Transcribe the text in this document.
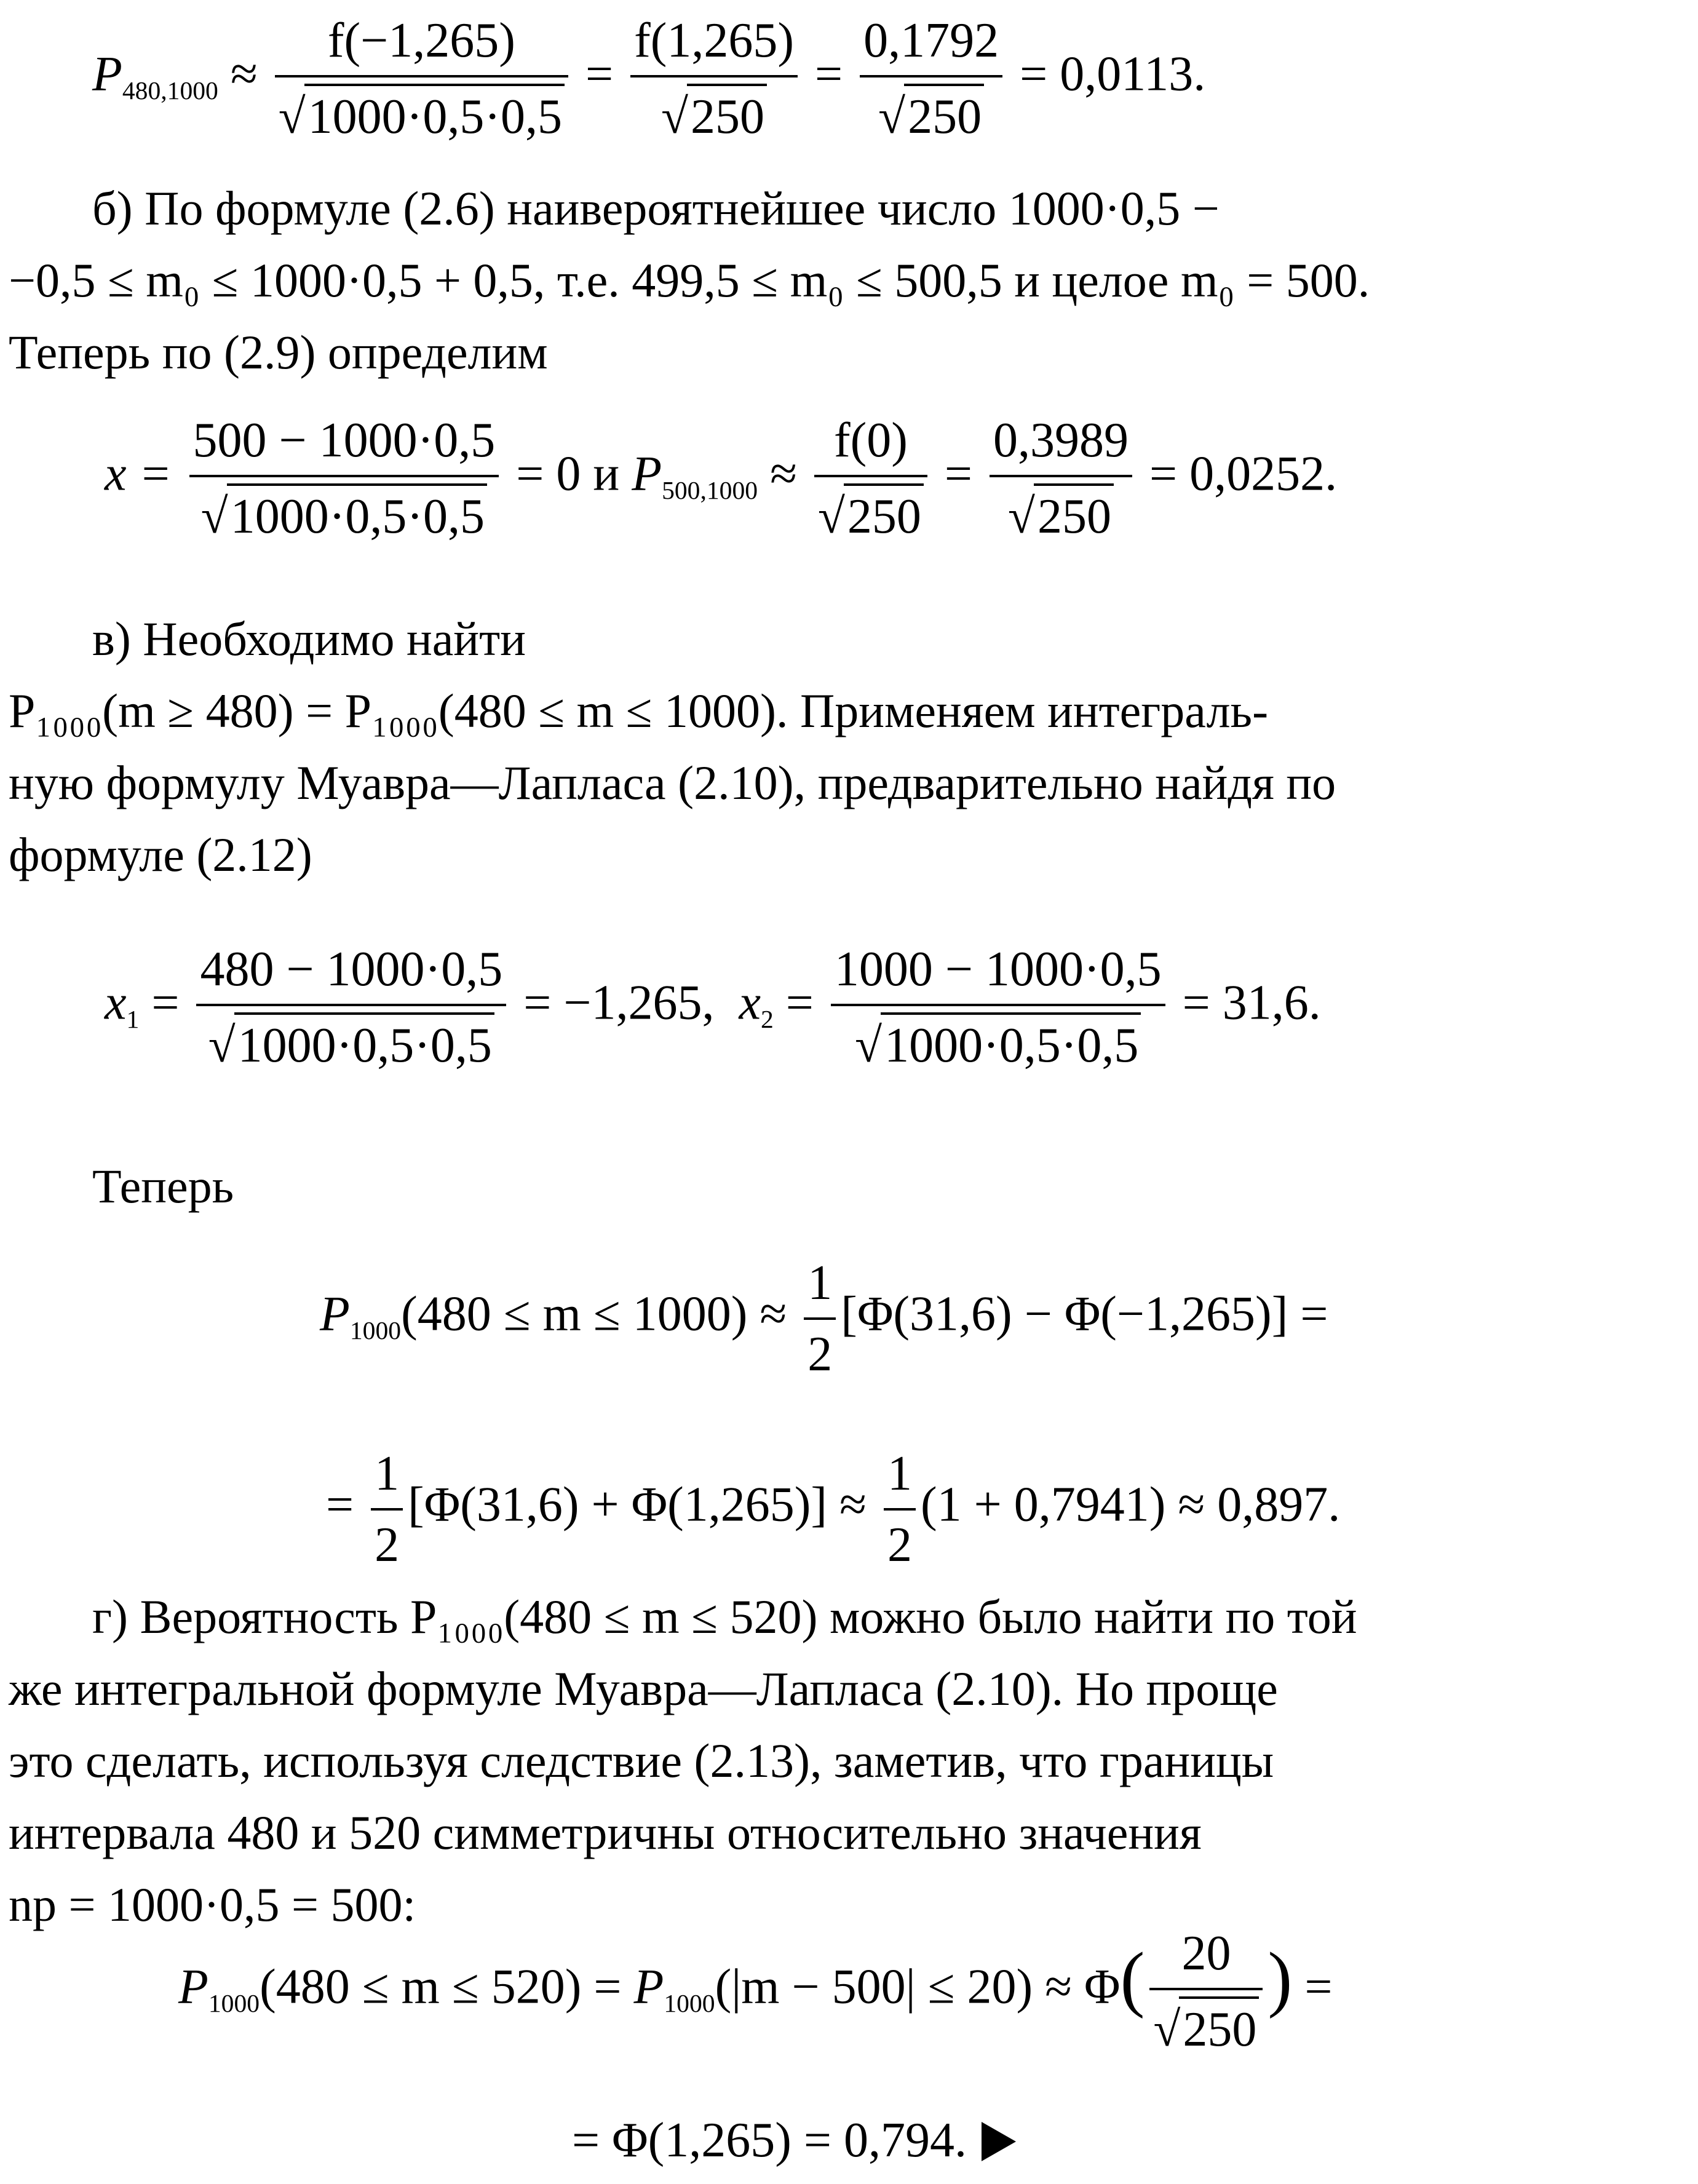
$P_{480,1000} \approx \frac{f(-1,265)}{√1000\cdot 0,5\cdot 0,5} = \frac{f(1,265)}{√250} = \frac{0,1792}{√250} = 0,0113$.
б) По формуле (2.6) наивероятнейшее число 1000·0,5 −
−0,5 ≤ m₀ ≤ 1000·0,5 + 0,5, т.е. 499,5 ≤ m₀ ≤ 500,5 и целое m₀ = 500.
Теперь по (2.9) определим
$x = \frac{500 - 1000\cdot 0,5}{√1000\cdot 0,5\cdot 0,5} = 0$ и $P_{500,1000} \approx \frac{f(0)}{√250} = \frac{0,3989}{√250} = 0,0252$.
в) Необходимо найти
P₁₀₀₀(m ≥ 480) = P₁₀₀₀(480 ≤ m ≤ 1000). Применяем интеграль-
ную формулу Муавра—Лапласа (2.10), предварительно найдя по
формуле (2.12)
$x_1 = \frac{480 - 1000\cdot 0,5}{√1000\cdot 0,5\cdot 0,5} = -1,265$, $x_2 = \frac{1000 - 1000\cdot 0,5}{√1000\cdot 0,5\cdot 0,5} = 31,6$.
Теперь
$P_{1000}(480 \le m \le 1000) \approx \frac{1}{2} [\Phi(31,6) - \Phi(-1,265)]$ =
= $\frac{1}{2} [\Phi(31,6) + \Phi(1,265)] \approx \frac{1}{2} (1 + 0,7941) \approx 0,897$.
г) Вероятность P₁₀₀₀(480 ≤ m ≤ 520) можно было найти по той
же интегральной формуле Муавра—Лапласа (2.10). Но проще
это сделать, используя следствие (2.13), заметив, что границы
интервала 480 и 520 симметричны относительно значения
np = 1000·0,5 = 500:
$P_{1000}(480 \le m \le 520) = P_{1000}(|m - 500| \le 20) \approx \Phi( \frac{20}{√250}$ ) =
= Φ(1,265) = 0,794.
